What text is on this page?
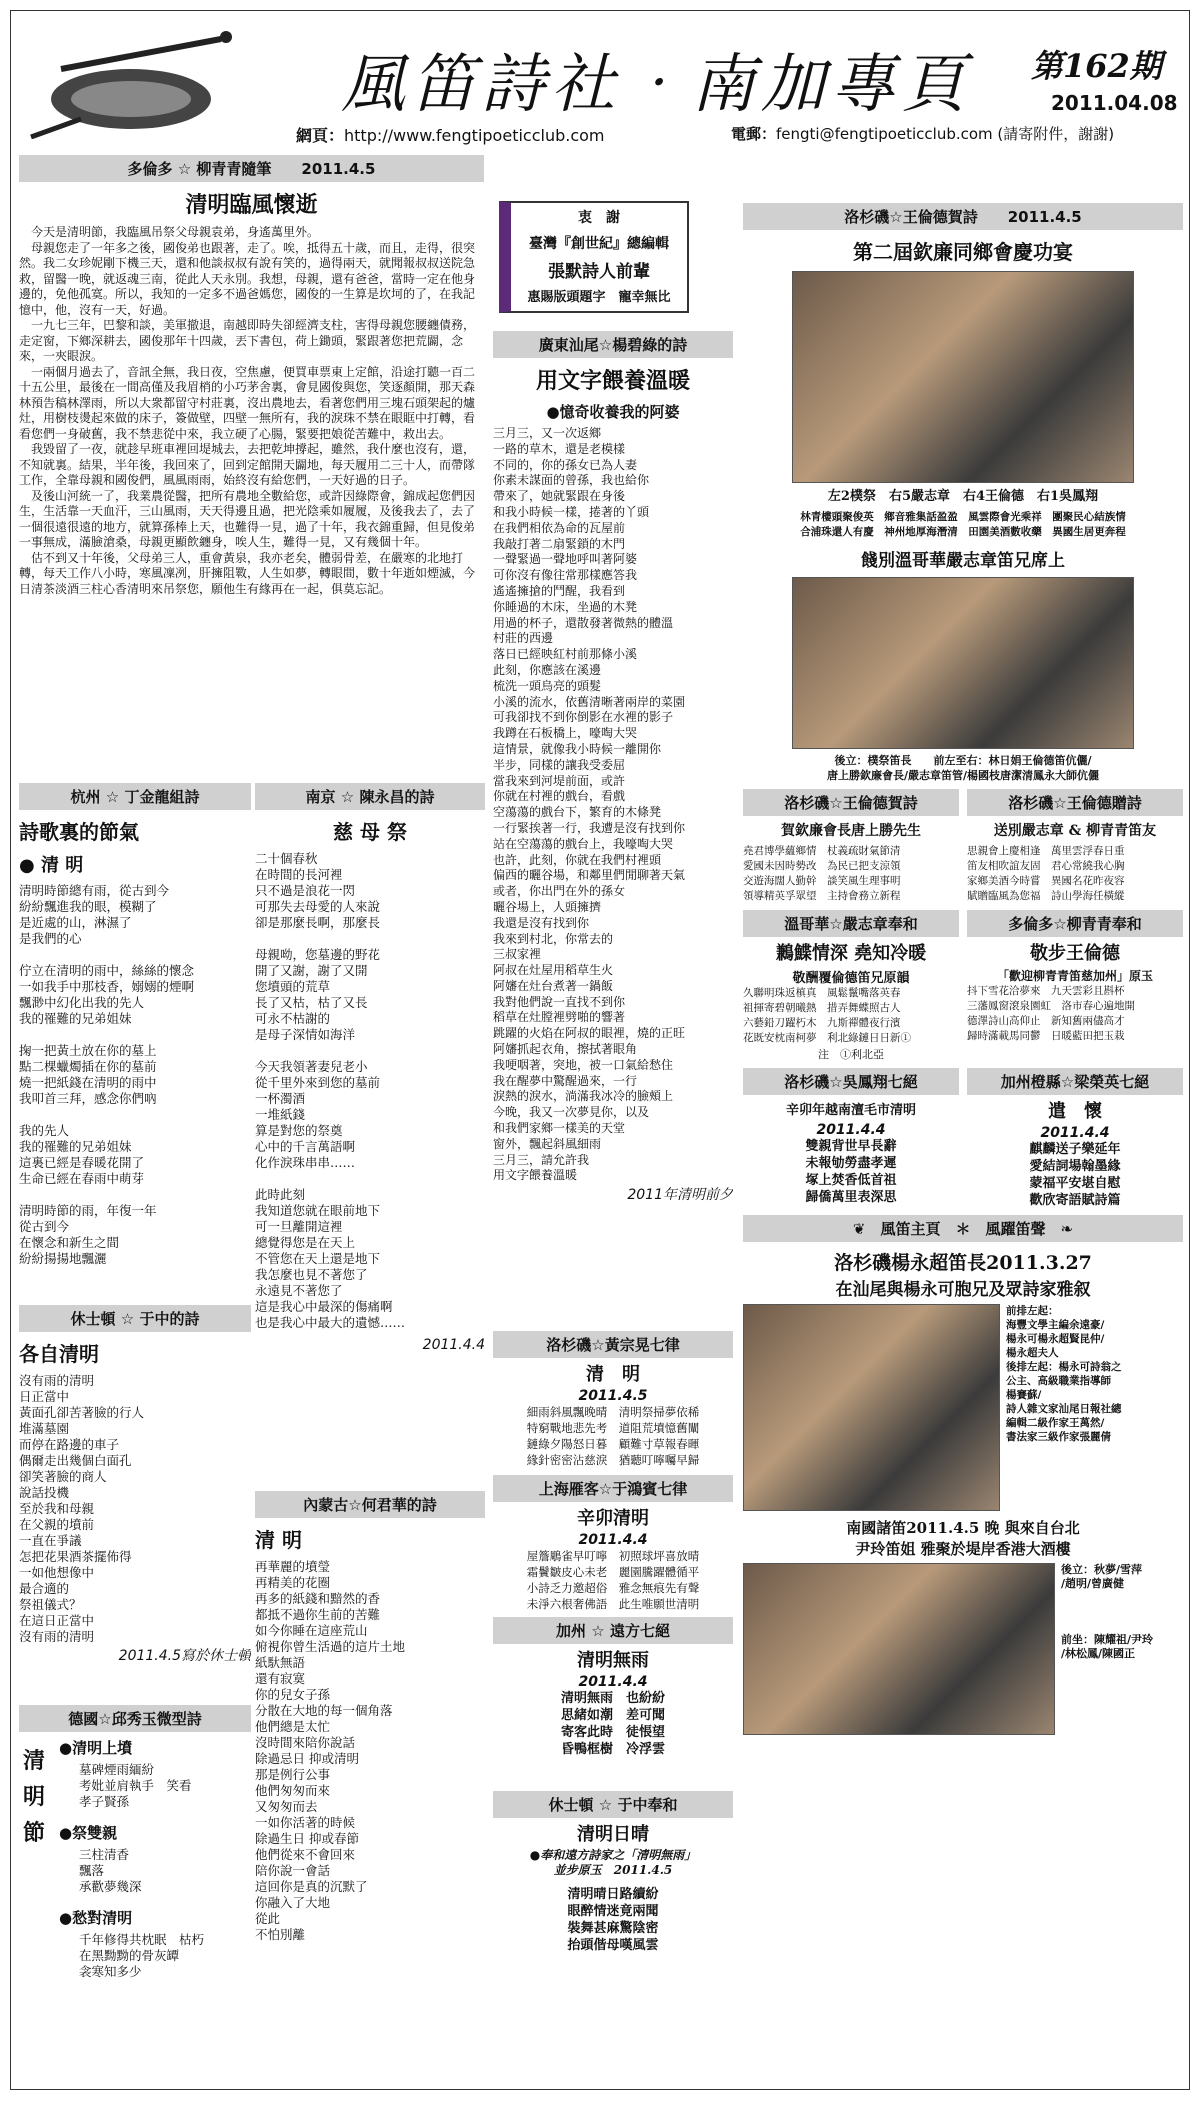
風笛詩社‧南加專頁 第162期
2011.04.08
網頁：http://www.fengtipoeticclub.com	電郵：fengti@fengtipoeticclub.com (請寄附件，謝謝)
多倫多 ☆ 柳青青隨筆　　2011.4.5
清明臨風懷逝
　今天是清明節，我臨風吊祭父母親袁弟，身遙萬里外。
　母親您走了一年多之後，國俊弟也跟著，走了。唉，抵得五十歲，而且，走得，很突然。我二女珍妮剛下機三天，還和他談叔叔有說有笑的，過得兩天，就聞報叔叔送院急救，留醫一晚，就返魂三南，從此人天永別。我想，母親，還有爸爸，當時一定在他身邊的，免他孤寞。所以，我知的一定多不過爸媽您，國俊的一生算是坎坷的了，在我記憶中，他，沒有一天，好過。
　一九七三年，巴黎和談，美軍撤退，南越即時失卻經濟支柱，害得母親您腰纏債務，走定窗，下鄉深耕去，國俊那年十四歲，丟下書包，荷上鋤頭，緊跟著您把荒闢，念來，一夾眼淚。
　一兩個月過去了，音訊全無，我日夜，空焦慮，便買車票東上定館，沿途打聽一百二十五公里，最後在一間高僅及我眉梢的小巧茅舍裏，會見國俊與您，笑逐顏開，那天森林預告稿林澤雨，所以大衆都留守村莊裏，沒出農地去，看著您們用三塊石頭架起的爐灶，用樹枝燙起來做的床子，簽做壁，四壁一無所有，我的淚珠不禁在眼眶中打轉，看看您們一身破舊，我不禁悲從中來，我立硬了心腸，緊要把娘從苦難中，救出去。
　我毀留了一夜，就趁早班車裡回堤城去，去把乾坤撐起，雖然，我什麼也沒有，還，不知就裏。結果，半年後，我回來了，回到定館開天闢地，每天履用二三十人，而帶隊工作，全靠母親和國俊們，風風雨雨，始終沒有給您們，一天好過的日子。
　及後山河統一了，我業農從醫，把所有農地全數給您，或許因綠際會，錦成起您們因生，生活靠一天血汗，三山風雨，天天得邊且過，把光陰乘如履履，及後我去了，去了一個很遠很遠的地方，就算孫棒上天，也難得一見，過了十年，我衣錦重歸，但見俊弟一事無成，滿臉滄桑，母親更顯飲纏身，唉人生，難得一見，又有幾個十年。
　估不到又十年後，父母弟三人，重會黃泉，我亦老矣，體弱骨差，在嚴寒的北地打轉，每天工作八小時，寒風凜冽，肝擁阻斁，人生如夢，轉眼間，數十年逝如煙滅，今日清茶淡酒三柱心香清明來吊祭您，願他生有緣再在一起，俱莫忘記。
杭州 ☆ 丁金龍組詩
詩歌裏的節氣
● 清 明
清明時節總有雨，從古到今
紛紛飄進我的眼，模糊了
是近處的山，淋濕了
是我們的心

佇立在清明的雨中，絲絲的懷念
一如我手中那枝香，嫋嫋的煙啊
飄渺中幻化出我的先人
我的罹難的兄弟姐妹

掬一把黃土放在你的墓上
點二棵蠟燭插在你的墓前
燒一把紙錢在清明的雨中
我叩首三拜，感念你們吶

我的先人
我的罹難的兄弟姐妹
這裏已經是春暖花開了
生命已經在春雨中萌芽

清明時節的雨，年復一年
從古到今
在懷念和新生之間
紛紛揚揚地飄灑
休士頓 ☆ 于中的詩
各自清明
沒有雨的清明
日正當中
黃面孔卻苦著臉的行人
堆滿墓園
而停在路邊的車子
偶爾走出幾個白面孔
卻笑著臉的商人
說話投機
至於我和母親
在父親的墳前
一直在爭議
怎把花果酒茶擺佈得
一如他想像中
最合適的
祭祖儀式？
在這日正當中
沒有雨的清明
2011.4.5寫於休士頓
德國☆邱秀玉微型詩
清
明
節
●清明上墳
墓碑煙雨緬紛
考妣並肩執手　笑看
孝子賢孫
●祭雙親
三柱清香
飄落
承歡夢幾深
●愁對清明
千年修得共枕眠　枯朽
在黑黝黝的骨灰罈
衾寒知多少
南京 ☆ 陳永昌的詩
慈 母 祭
二十個春秋
在時間的長河裡
只不過是浪花一閃
可那失去母愛的人來說
卻是那麼長啊，那麼長

母親呦，您墓邊的野花
開了又謝，謝了又開
您墳頭的荒草
長了又枯，枯了又長
可永不枯謝的
是母子深情如海洋

今天我領著妻兒老小
從千里外來到您的墓前
一杯濁酒
一堆紙錢
算是對您的祭奠
心中的千言萬語啊
化作淚珠串串……

此時此刻
我知道您就在眼前地下
可一旦離開這裡
總覺得您是在天上
不管您在天上還是地下
我怎麼也見不著您了
永遠見不著您了
這是我心中最深的傷痛啊
也是我心中最大的遺憾……
2011.4.4
內蒙古☆何君華的詩
清 明
再華麗的墳瑩
再精美的花圈
再多的紙錢和黯然的香
都抵不過你生前的苦難
如今你睡在這座荒山
俯視你曾生活過的這片土地
紙馱無語
還有寂寞
你的兒女子孫
分散在大地的每一個角落
他們總是太忙
沒時間來陪你說話
除過忌日 抑或清明
那是例行公事
他們匆匆而來
又匆匆而去
一如你活著的時候
除過生日 抑或春節
他們從來不會回來
陪你說一會話
這回你是真的沉默了
你融入了大地
從此
不怕別離
衷　謝
臺灣『創世紀』總編輯
張默詩人前輩
惠賜版頭題字　寵幸無比
廣東汕尾☆楊碧綠的詩
用文字餵養溫暖
●憶奇收養我的阿婆
三月三，又一次返鄉
一路的草木，還是老模樣
不同的，你的孫女已為人妻
你素未謀面的曾孫，我也給你
帶來了，她就緊跟在身後
和我小時候一樣，捲著的丫頭
在我們相依為命的瓦屋前
我敲打著二扇緊鎖的木門
一聲緊過一聲地呼叫著阿婆
可你沒有像往常那樣應答我
遙遙擁搶的鬥醒，我看到
你睡過的木床，坐過的木凳
用過的杯子，還散發著微熱的體溫
村莊的西邊
落日已經映紅村前那條小溪
此刻，你應該在溪邊
梳洗一頭烏亮的頭髮
小溪的流水，依舊清晰著兩岸的菜園
可我卻找不到你倒影在水裡的影子
我蹲在石板橋上，嚎啕大哭
這情景，就像我小時候一離開你
半步，同樣的讓我受委屈
當我來到河堤前面，或許
你就在村裡的戲台，看戲
空蕩蕩的戲台下，繁育的木條凳
一行緊挨著一行，我遭是沒有找到你
站在空蕩蕩的戲台上，我嚎啕大哭
也許，此刻，你就在我們村裡頭
偏西的曬谷場，和鄰里們閒聊著天氣
或者，你出門在外的孫女
曬谷場上，人頭擁擠
我還是沒有找到你
我來到村北，你常去的
三叔家裡
阿叔在灶屋用稻草生火
阿嬸在灶台煮著一鍋飯
我對他們說一直找不到你
稻草在灶膛裡劈啪的響著
跳躍的火焰在阿叔的眼裡，燒的正旺
阿嬸抓起衣角，擦拭著眼角
我哽咽著，突地，被一口氣給愁住
我在醒夢中驚醒過來，一行
淚熱的淚水，淌滿我冰冷的臉頰上
今晚，我又一次夢見你，以及
和我們家鄉一樣美的天堂
窗外，飄起斜風細雨
三月三，請允許我
用文字餵養溫暖
2011年清明前夕
洛杉磯☆黃宗晃七律
清　明
2011.4.5
細雨斜風飄晚晴　清明祭掃夢依稀
特窮戰地悲先考　道阻荒墳憶舊闡
鏈綠夕陽怒日暮　顧難寸草報春暉
緣針密密沾慈淚　猶聽叮嚀囑早歸
上海雁客☆于鴻賓七律
辛卯清明
2011.4.4
屋簷鵰雀早叮嚀　初照球坪喜放晴
霜鬢皺皮心未老　麗園騰躍體循平
小詩乏力邀超俗　雅念無痕先有聲
未淨六根奢佛語　此生唯願世清明
加州 ☆ 遠方七絕
清明無雨
2011.4.4
清明無雨　也紛紛
思緒如潮　差可聞
寄客此時　徒悵望
昏鴨框樹　冷浮雲
休士頓 ☆ 于中奉和
清明日晴
●奉和遠方詩家之「清明無雨」
並步原玉　2011.4.5
清明晴日路續紛
眼醉情迷竟兩聞
裝舞甚麻驚陰密
抬頭偕母嘆風雲
洛杉磯☆王倫德賀詩　　2011.4.5
第二屆欽廉同鄉會慶功宴
左2樸祭　右5嚴志章　右4王倫德　右1吳鳳翔
林青樓頭聚俊英　鄉音雅集話盈盈　風雲際會光乘祥　團聚民心結族情
合浦珠還人有慶　神州地厚海潛清　田園美酒數收藥　異國生居更奔程
餞別溫哥華嚴志章笛兄席上
後立：樸祭笛長　　前左至右：林日娟王倫德笛伉儷/
唐上勝欽廉會長/嚴志章笛管/楊國枝唐潔清鳳永大師伉儷
洛杉磯☆王倫德賀詩
賀欽廉會長唐上勝先生
堯君博學蘊鄉情　杖義疏財氣節清
愛國未因時勢改　為民已把支涼領
交遊海闊人勤幹　談笑風生理事明
領導精英孚眾望　主持會務立新程
洛杉磯☆王倫德贈詩
送別嚴志章 & 柳青青笛友
思親會上慶相逢　萬里雲浮春日重
笛友相吹誼友固　君心常繞我心胸
家鄉美酒今時嘗　異國名花昨夜容
賦贈臨風為您福　詩山學海任橫縱
溫哥華☆嚴志章奉和
鶼鰈情深 堯知冷暖
敬酬覆倫德笛兄原韻
久聯明珠返槙真　風鬆鬣嘴落英春
祖揮寄碧朝曦熱　措弄舞蝶照古人
六藝鉛刀躍朽木　九斯禪體夜行濱
花既安枕南柯夢　利北綠鏈日日新①
注　①利北亞
多倫多☆柳青青奉和
敬步王倫德
「歡迎柳青青笛慈加州」原玉
抖下雪花洽夢來　九天雲彩且斟杯
三藩鳳窗滾泉園虹　洛市春心遍地開
德澤詩山高仰止　新知舊兩儘高才
歸時滿載馬同鬱　日暖藍田把玉栽
洛杉磯☆吳鳳翔七絕
辛卯年越南澶毛市清明
2011.4.4
雙親背世早長辭
未報劬勞盡孝遲
塚上焚香低首祖
歸僑萬里表深思
加州橙縣☆梁榮英七絕
遣　懷
2011.4.4
麒麟送子樂延年
愛結詞場翰墨緣
蒙福平安堪自慰
歡欣寄語賦詩篇
❦　風笛主頁　＊　風躍笛聲　❧
洛杉磯楊永超笛長2011.3.27
在汕尾與楊永可胞兄及眾詩家雅叙
前排左起：
海豐文學主編余遠豪/
楊永可楊永超賢昆仲/
楊永超夫人
後排左起：楊永可詩翁之
公主、高級職業指導師
楊賽蘇/
詩人雜文家汕尾日報社總
編輯二級作家王萬然/
書法家三級作家張麗倩
南國諸笛2011.4.5 晚 與來自台北
尹玲笛姐 雅聚於堤岸香港大酒樓
後立：秋夢/雪萍
/趙明/曾廣健

前坐：陳耀祖/尹玲
/林松鳳/陳國正
